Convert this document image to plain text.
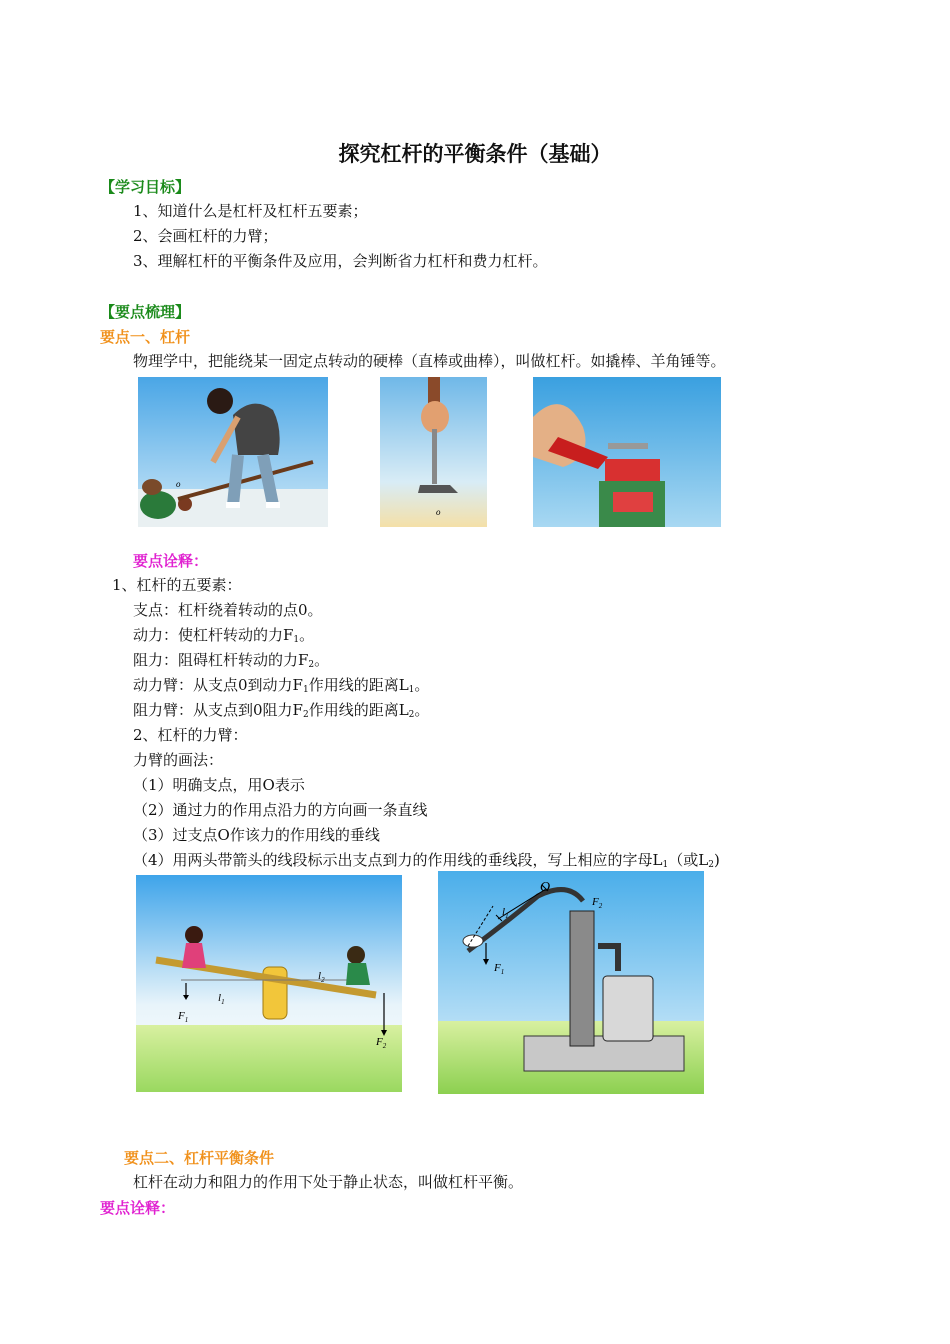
探究杠杆的平衡条件（基础）
【学习目标】
1、知道什么是杠杆及杠杆五要素；
2、会画杠杆的力臂；
3、理解杠杆的平衡条件及应用，会判断省力杠杆和费力杠杆。
【要点梳理】
要点一、杠杆
物理学中，把能绕某一固定点转动的硬棒（直棒或曲棒），叫做杠杆。如撬棒、羊角锤等。
o
o
要点诠释：
1、杠杆的五要素：
支点：杠杆绕着转动的点0。
动力：使杠杆转动的力$F_1$。
阻力：阻碍杠杆转动的力$F_2$。
动力臂：从支点0到动力$F_1$作用线的距离$L_1$。
阻力臂：从支点到0阻力$F_2$作用线的距离$L_2$。
2、杠杆的力臂：
力臂的画法：
（1）明确支点，用O表示
（2）通过力的作用点沿力的方向画一条直线
（3）过支点O作该力的作用线的垂线
（4）用两头带箭头的线段标示出支点到力的作用线的垂线段，写上相应的字母$L_1$（或$L_2$)
$F_1$
$F_2$
$l_1$
$l_2$
O
$l_1$
$F_1$
$F_2$
要点二、杠杆平衡条件
杠杆在动力和阻力的作用下处于静止状态，叫做杠杆平衡。
要点诠释：
